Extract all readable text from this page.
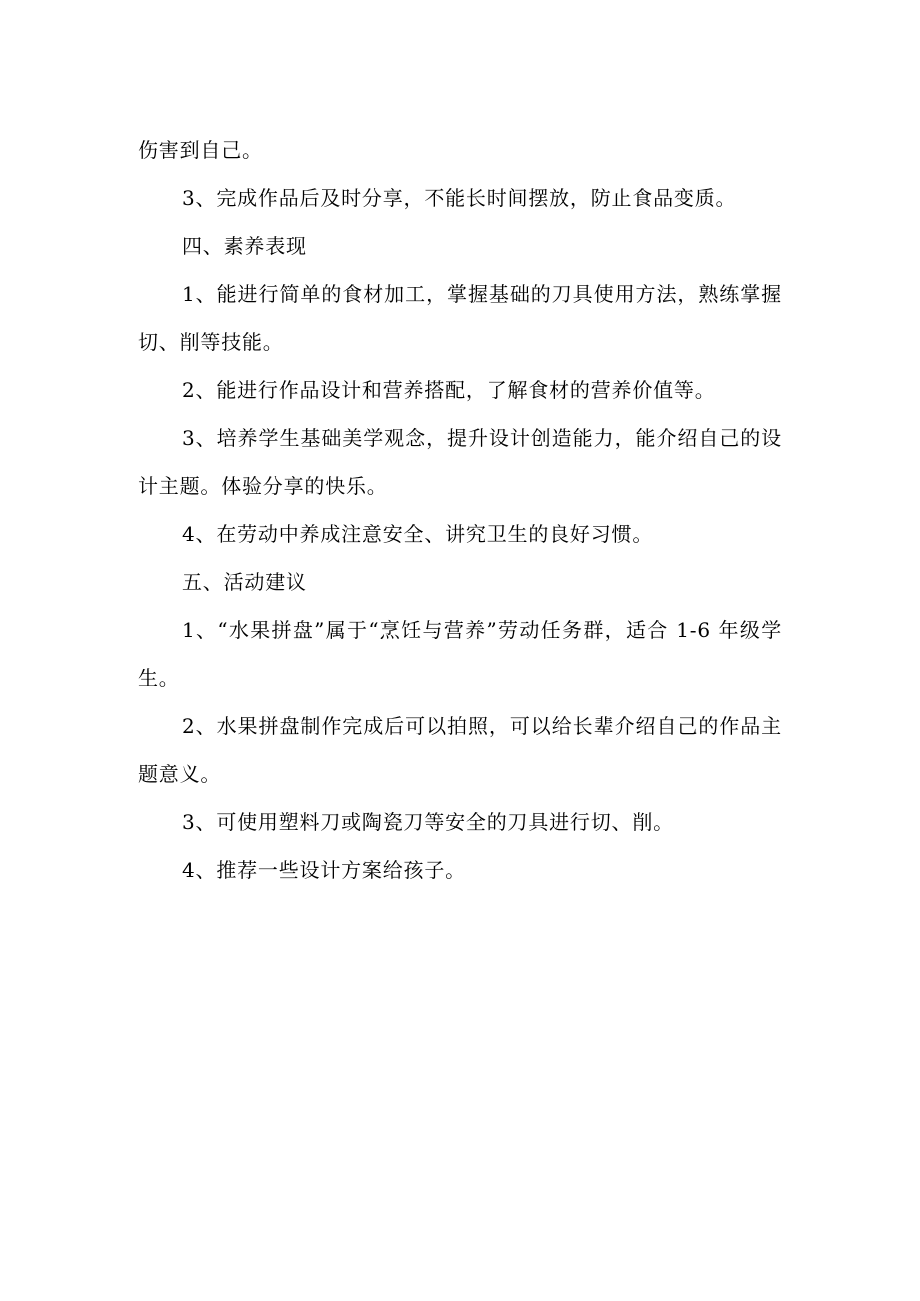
伤害到自己。

3、完成作品后及时分享，不能长时间摆放，防止食品变质。

四、素养表现

1、能进行简单的食材加工，掌握基础的刀具使用方法，熟练掌握切、削等技能。

2、能进行作品设计和营养搭配，了解食材的营养价值等。

3、培养学生基础美学观念，提升设计创造能力，能介绍自己的设计主题。体验分享的快乐。

4、在劳动中养成注意安全、讲究卫生的良好习惯。

五、活动建议

1、“水果拼盘”属于“烹饪与营养”劳动任务群，适合 1-6 年级学生。

2、水果拼盘制作完成后可以拍照，可以给长辈介绍自己的作品主题意义。

3、可使用塑料刀或陶瓷刀等安全的刀具进行切、削。

4、推荐一些设计方案给孩子。
